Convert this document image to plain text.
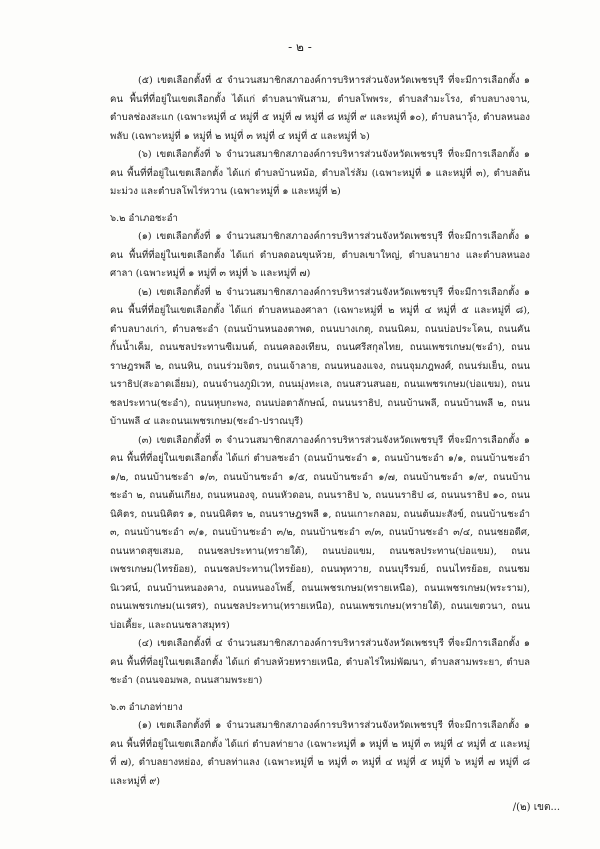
- ๒ -

(๕) เขตเลือกตั้งที่ ๕ จำนวนสมาชิกสภาองค์การบริหารส่วนจังหวัดเพชรบุรี ที่จะมีการเลือกตั้ง ๑ คน พื้นที่ที่อยู่ในเขตเลือกตั้ง ได้แก่ ตำบลนาพันสาม, ตำบลโพพระ, ตำบลสำมะโรง, ตำบลบางจาน, ตำบลช่องสะแก (เฉพาะหมู่ที่ ๔ หมู่ที่ ๕ หมู่ที่ ๗ หมู่ที่ ๘ หมู่ที่ ๙ และหมู่ที่ ๑๐), ตำบลนาวุ้ง, ตำบลหนองพลับ (เฉพาะหมู่ที่ ๑ หมู่ที่ ๒ หมู่ที่ ๓ หมู่ที่ ๔ หมู่ที่ ๕ และหมู่ที่ ๖)

(๖) เขตเลือกตั้งที่ ๖ จำนวนสมาชิกสภาองค์การบริหารส่วนจังหวัดเพชรบุรี ที่จะมีการเลือกตั้ง ๑ คน พื้นที่ที่อยู่ในเขตเลือกตั้ง ได้แก่ ตำบลบ้านหม้อ, ตำบลไร่ส้ม (เฉพาะหมู่ที่ ๑ และหมู่ที่ ๓), ตำบลต้นมะม่วง และตำบลโพไร่หวาน (เฉพาะหมู่ที่ ๑ และหมู่ที่ ๒)

๖.๒ อำเภอชะอำ

(๑) เขตเลือกตั้งที่ ๑ จำนวนสมาชิกสภาองค์การบริหารส่วนจังหวัดเพชรบุรี ที่จะมีการเลือกตั้ง ๑ คน พื้นที่ที่อยู่ในเขตเลือกตั้ง ได้แก่ ตำบลดอนขุนห้วย, ตำบลเขาใหญ่, ตำบลนายาง และตำบลหนองศาลา (เฉพาะหมู่ที่ ๑ หมู่ที่ ๓ หมู่ที่ ๖ และหมู่ที่ ๗)

(๒) เขตเลือกตั้งที่ ๒ จำนวนสมาชิกสภาองค์การบริหารส่วนจังหวัดเพชรบุรี ที่จะมีการเลือกตั้ง ๑ คน พื้นที่ที่อยู่ในเขตเลือกตั้ง ได้แก่ ตำบลหนองศาลา (เฉพาะหมู่ที่ ๒ หมู่ที่ ๔ หมู่ที่ ๕ และหมู่ที่ ๘), ตำบลบางเก่า, ตำบลชะอำ (ถนนบ้านหนองตาพด, ถนนบางเกตุ, ถนนนิคม, ถนนบ่อประโคน, ถนนคันกั้นน้ำเค็ม, ถนนชลประทานซีเมนต์, ถนนคลองเทียน, ถนนศรีสกุลไทย, ถนนเพชรเกษม(ชะอำ), ถนนราษฎรพลี ๒, ถนนหิน, ถนนร่วมจิตร, ถนนเจ้าลาย, ถนนหนองแจง, ถนนจุมภฎพงศ์, ถนนร่มเย็น, ถนนนราธิป(สะอาดเอี่ยม), ถนนจำนงภูมิเวท, ถนนมุ่งทะเล, ถนนสวนสนอย, ถนนเพชรเกษม(บ่อแขม), ถนนชลประทาน(ชะอำ), ถนนหุบกะพง, ถนนบ่อตาลักษณ์, ถนนนราธิป, ถนนบ้านพลี, ถนนบ้านพลี ๒, ถนนบ้านพลี ๔ และถนนเพชรเกษม(ชะอำ-ปราณบุรี)

(๓) เขตเลือกตั้งที่ ๓ จำนวนสมาชิกสภาองค์การบริหารส่วนจังหวัดเพชรบุรี ที่จะมีการเลือกตั้ง ๑ คน พื้นที่ที่อยู่ในเขตเลือกตั้ง ได้แก่ ตำบลชะอำ (ถนนบ้านชะอำ ๑, ถนนบ้านชะอำ ๑/๑, ถนนบ้านชะอำ ๑/๒, ถนนบ้านชะอำ ๑/๓, ถนนบ้านชะอำ ๑/๕, ถนนบ้านชะอำ ๑/๗, ถนนบ้านชะอำ ๑/๙, ถนนบ้านชะอำ ๒, ถนนต้นเกียง, ถนนหนองจุ, ถนนหัวดอน, ถนนราธิป ๖, ถนนนราธิป ๘, ถนนนราธิป ๑๐, ถนนนิคิตร, ถนนนิคิตร ๑, ถนนนิคิตร ๒, ถนนราษฎรพลี ๑, ถนนเกาะกลอม, ถนนต้นมะสังข์, ถนนบ้านชะอำ ๓, ถนนบ้านชะอำ ๓/๑, ถนนบ้านชะอำ ๓/๒, ถนนบ้านชะอำ ๓/๓, ถนนบ้านชะอำ ๓/๔, ถนนชยอดีศ, ถนนหาดสุขเสมอ, ถนนชลประทาน(ทรายใต้), ถนนบ่อแขม, ถนนชลประทาน(บ่อแขม), ถนนเพชรเกษม(ไทรย้อย), ถนนชลประทาน(ไทรย้อย), ถนนพุทวาย, ถนนบุรีรมย์, ถนนไทรย้อย, ถนนชมนิเวศน์, ถนนบ้านหนองคาง, ถนนหนองโพธิ์, ถนนเพชรเกษม(ทรายเหนือ), ถนนเพชรเกษม(พระราม), ถนนเพชรเกษม(นเรศร), ถนนชลประทาน(ทรายเหนือ), ถนนเพชรเกษม(ทรายใต้), ถนนเขตวนา, ถนนบ่อเคี้ยะ, และถนนชลาสมุทร)

(๔) เขตเลือกตั้งที่ ๔ จำนวนสมาชิกสภาองค์การบริหารส่วนจังหวัดเพชรบุรี ที่จะมีการเลือกตั้ง ๑ คน พื้นที่ที่อยู่ในเขตเลือกตั้ง ได้แก่ ตำบลห้วยทรายเหนือ, ตำบลไร่ใหม่พัฒนา, ตำบลสามพระยา, ตำบลชะอำ (ถนนจอมพล, ถนนสามพระยา)

๖.๓ อำเภอท่ายาง

(๑) เขตเลือกตั้งที่ ๑ จำนวนสมาชิกสภาองค์การบริหารส่วนจังหวัดเพชรบุรี ที่จะมีการเลือกตั้ง ๑ คน พื้นที่ที่อยู่ในเขตเลือกตั้ง ได้แก่ ตำบลท่ายาง (เฉพาะหมู่ที่ ๑ หมู่ที่ ๒ หมู่ที่ ๓ หมู่ที่ ๔ หมู่ที่ ๕ และหมู่ที่ ๗), ตำบลยางหย่อง, ตำบลท่าแลง (เฉพาะหมู่ที่ ๒ หมู่ที่ ๓ หมู่ที่ ๔ หมู่ที่ ๕ หมู่ที่ ๖ หมู่ที่ ๗ หมู่ที่ ๘ และหมู่ที่ ๙)

/(๒) เขต...
